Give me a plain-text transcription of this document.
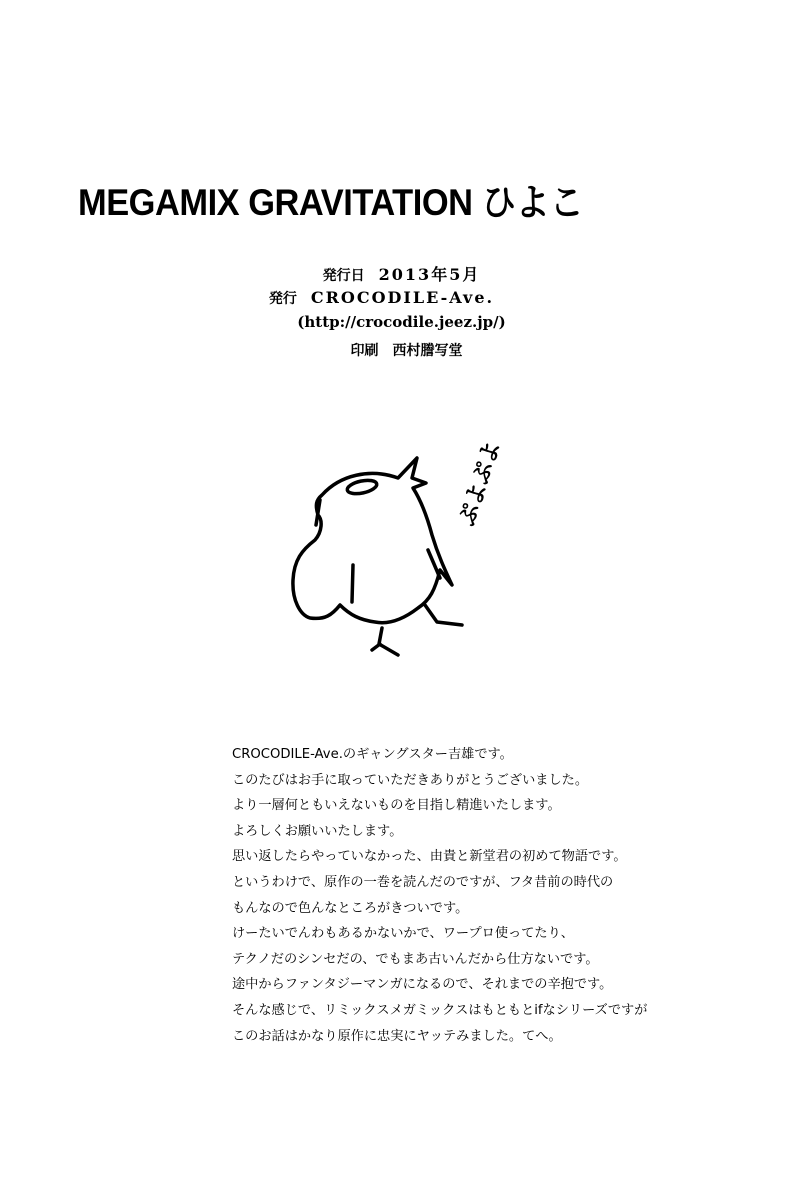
MEGAMIX GRAVITATION ひよこ
発行日 2013年5月
発行 CROCODILE-Ave.
(http://crocodile.jeez.jp/)
印刷 西村謄写堂
ぷよぷよ
CROCODILE-Ave.のギャングスター吉雄です。
このたびはお手に取っていただきありがとうございました。
より一層何ともいえないものを目指し精進いたします。
よろしくお願いいたします。
思い返したらやっていなかった、由貴と新堂君の初めて物語です。
というわけで、原作の一巻を読んだのですが、フタ昔前の時代の
もんなので色んなところがきついです。
けーたいでんわもあるかないかで、ワープロ使ってたり、
テクノだのシンセだの、でもまあ古いんだから仕方ないです。
途中からファンタジーマンガになるので、それまでの辛抱です。
そんな感じで、リミックスメガミックスはもともとifなシリーズですが
このお話はかなり原作に忠実にヤッテみました。てへ。
